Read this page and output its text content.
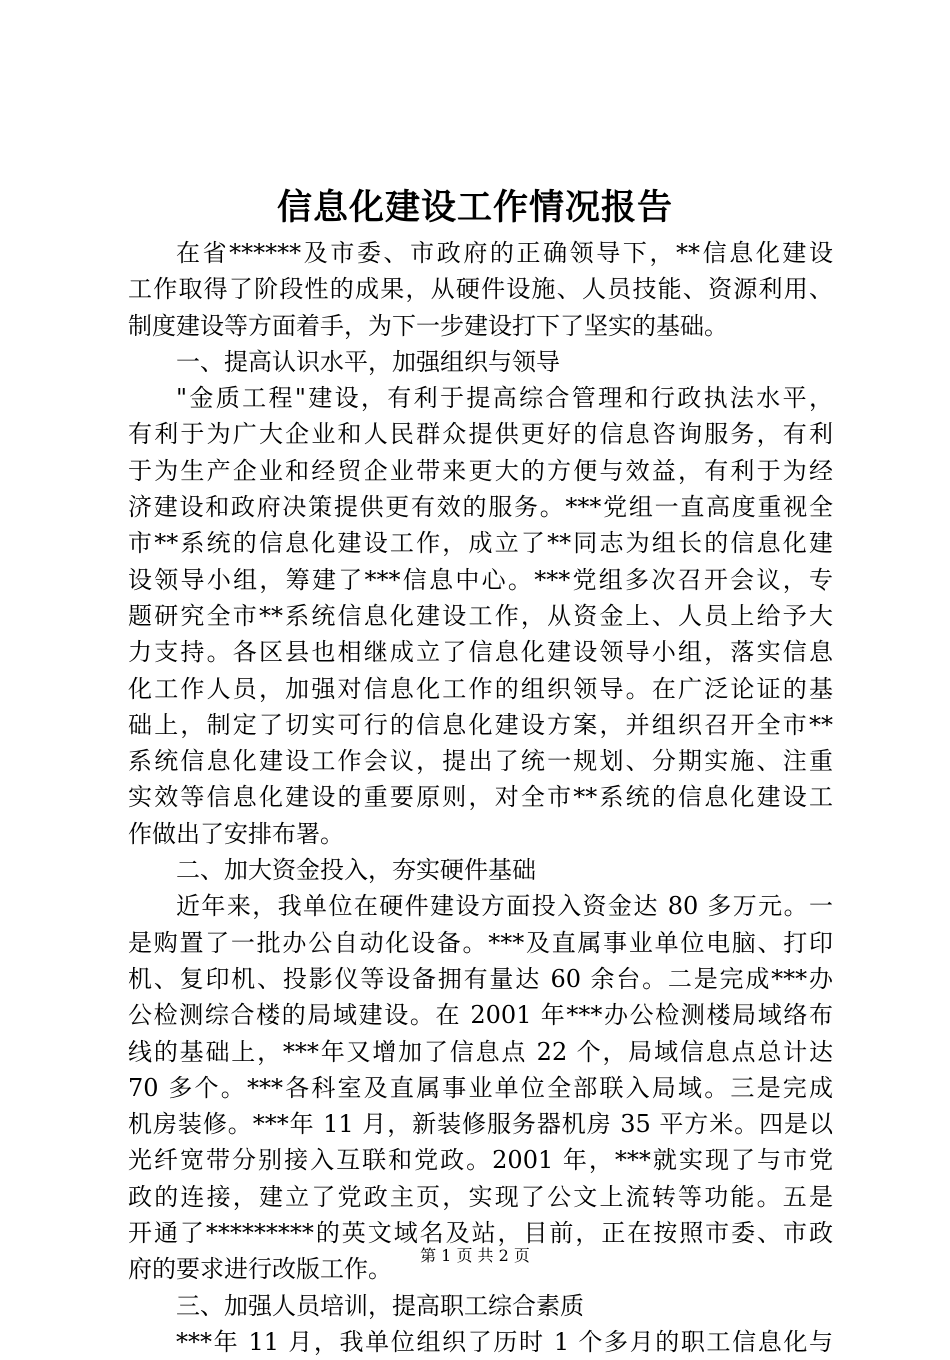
信息化建设工作情况报告
在省******及市委、市政府的正确领导下，**信息化建设
工作取得了阶段性的成果，从硬件设施、人员技能、资源利用、
制度建设等方面着手，为下一步建设打下了坚实的基础。
一、提高认识水平，加强组织与领导
"金质工程"建设，有利于提高综合管理和行政执法水平，
有利于为广大企业和人民群众提供更好的信息咨询服务，有利
于为生产企业和经贸企业带来更大的方便与效益，有利于为经
济建设和政府决策提供更有效的服务。***党组一直高度重视全
市**系统的信息化建设工作，成立了**同志为组长的信息化建
设领导小组，筹建了***信息中心。***党组多次召开会议，专
题研究全市**系统信息化建设工作，从资金上、人员上给予大
力支持。各区县也相继成立了信息化建设领导小组，落实信息
化工作人员，加强对信息化工作的组织领导。在广泛论证的基
础上，制定了切实可行的信息化建设方案，并组织召开全市**
系统信息化建设工作会议，提出了统一规划、分期实施、注重
实效等信息化建设的重要原则，对全市**系统的信息化建设工
作做出了安排布署。
二、加大资金投入，夯实硬件基础
近年来，我单位在硬件建设方面投入资金达 80 多万元。一
是购置了一批办公自动化设备。***及直属事业单位电脑、打印
机、复印机、投影仪等设备拥有量达 60 余台。二是完成***办
公检测综合楼的局域建设。在 2001 年***办公检测楼局域络布
线的基础上，***年又增加了信息点 22 个，局域信息点总计达
70 多个。***各科室及直属事业单位全部联入局域。三是完成
机房装修。***年 11 月，新装修服务器机房 35 平方米。四是以
光纤宽带分别接入互联和党政。2001 年，***就实现了与市党
政的连接，建立了党政主页，实现了公文上流转等功能。五是
开通了*********的英文域名及站，目前，正在按照市委、市政
府的要求进行改版工作。
三、加强人员培训，提高职工综合素质
***年 11 月，我单位组织了历时 1 个多月的职工信息化与
第 1 页 共 2 页
